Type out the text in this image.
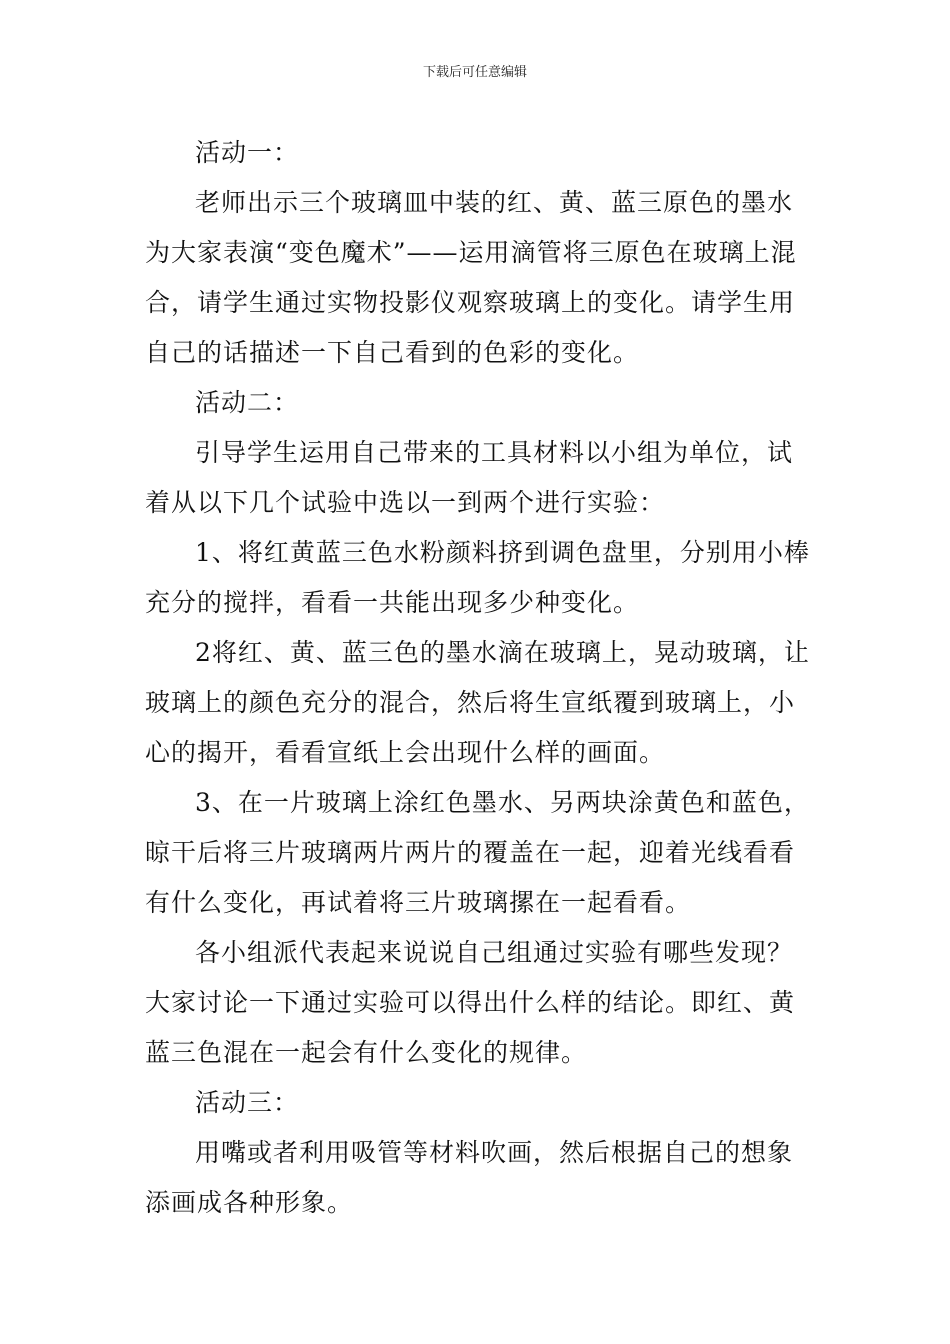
下载后可任意编辑

活动一：

老师出示三个玻璃皿中装的红、黄、蓝三原色的墨水为大家表演“变色魔术”——运用滴管将三原色在玻璃上混合，请学生通过实物投影仪观察玻璃上的变化。请学生用自己的话描述一下自己看到的色彩的变化。

活动二：

引导学生运用自己带来的工具材料以小组为单位，试着从以下几个试验中选以一到两个进行实验：

1、将红黄蓝三色水粉颜料挤到调色盘里，分别用小棒充分的搅拌，看看一共能出现多少种变化。

2将红、黄、蓝三色的墨水滴在玻璃上，晃动玻璃，让玻璃上的颜色充分的混合，然后将生宣纸覆到玻璃上，小心的揭开，看看宣纸上会出现什么样的画面。

3、在一片玻璃上涂红色墨水、另两块涂黄色和蓝色，晾干后将三片玻璃两片两片的覆盖在一起，迎着光线看看有什么变化，再试着将三片玻璃摞在一起看看。

各小组派代表起来说说自己组通过实验有哪些发现？大家讨论一下通过实验可以得出什么样的结论。即红、黄蓝三色混在一起会有什么变化的规律。

活动三：

用嘴或者利用吸管等材料吹画，然后根据自己的想象添画成各种形象。
